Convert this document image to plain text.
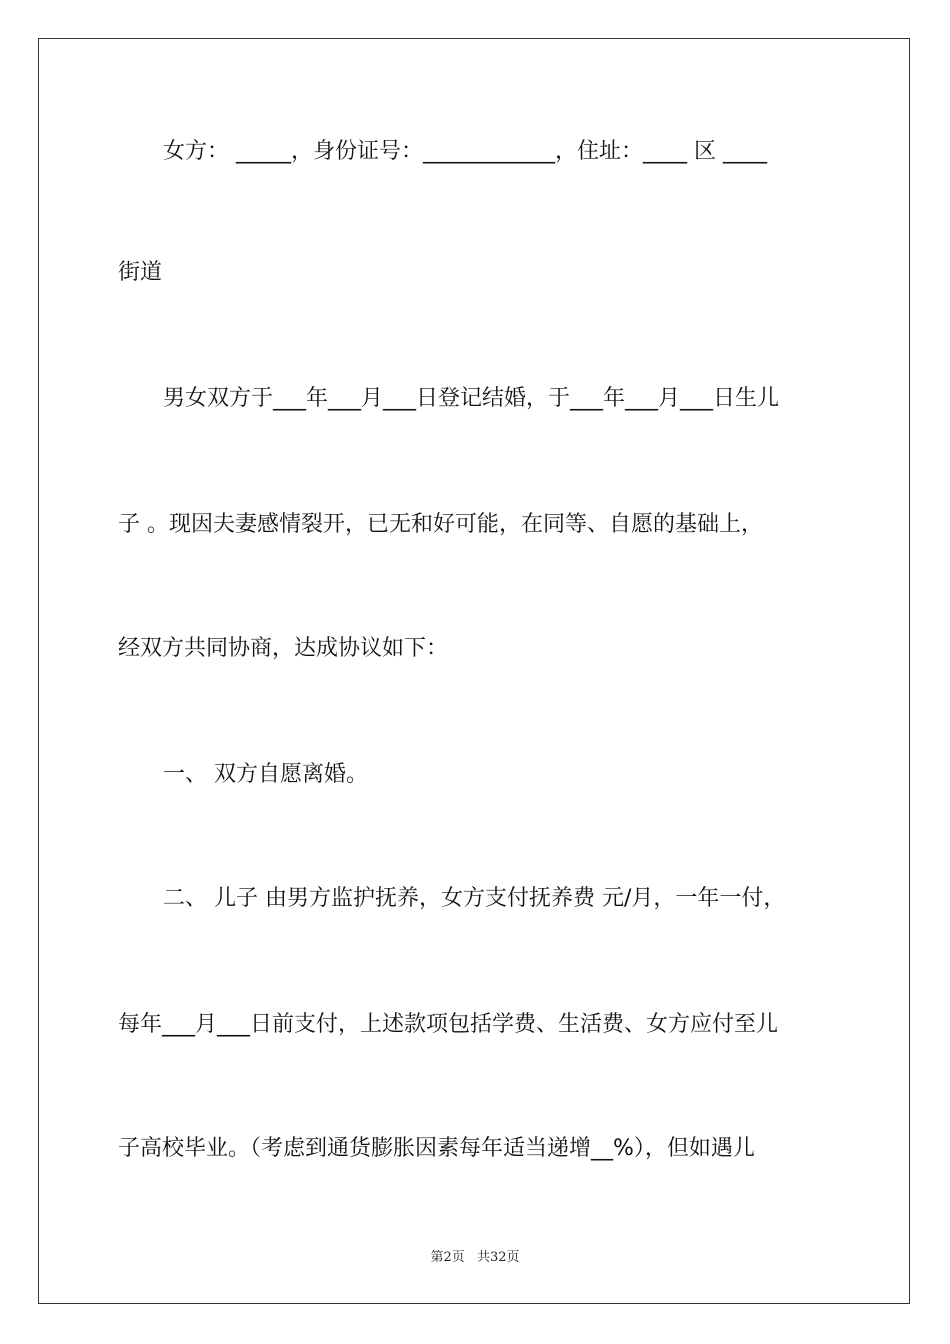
女方： _____，身份证号：____________，住址：____ 区 ____
街道
男女双方于___年___月___日登记结婚，于___年___月___日生儿
子 。现因夫妻感情裂开，已无和好可能，在同等、自愿的基础上，
经双方共同协商，达成协议如下：
一、 双方自愿离婚。
二、 儿子 由男方监护抚养，女方支付抚养费 元/月，一年一付，
每年___月___日前支付，上述款项包括学费、生活费、女方应付至儿
子高校毕业。（考虑到通货膨胀因素每年适当递增__%），但如遇儿
第2页 共32页
